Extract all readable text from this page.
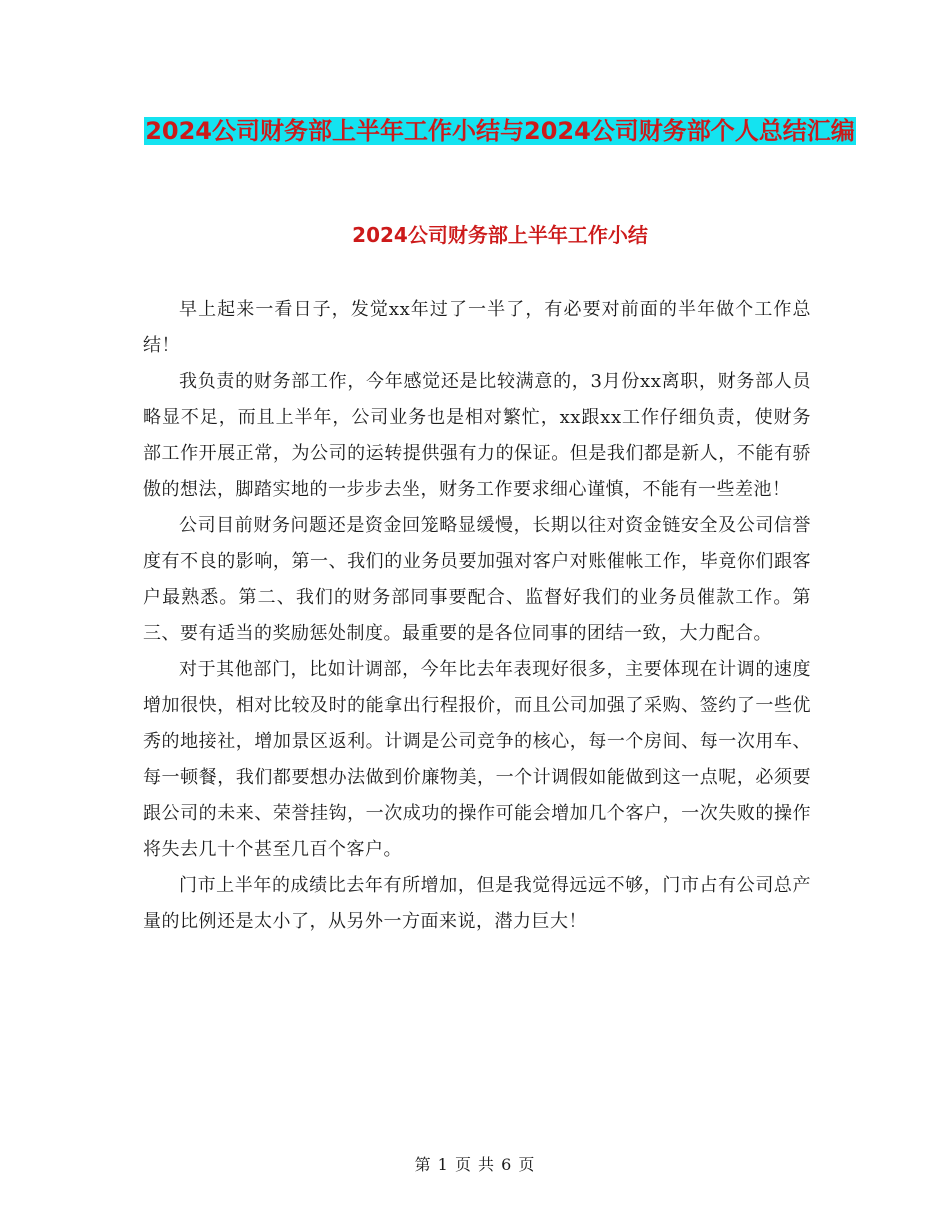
2024公司财务部上半年工作小结与2024公司财务部个人总结汇编
2024公司财务部上半年工作小结

早上起来一看日子，发觉xx年过了一半了，有必要对前面的半年做个工作总结！

我负责的财务部工作，今年感觉还是比较满意的，3月份xx离职，财务部人员略显不足，而且上半年，公司业务也是相对繁忙，xx跟xx工作仔细负责，使财务部工作开展正常，为公司的运转提供强有力的保证。但是我们都是新人，不能有骄傲的想法，脚踏实地的一步步去坐，财务工作要求细心谨慎，不能有一些差池！

公司目前财务问题还是资金回笼略显缓慢，长期以往对资金链安全及公司信誉度有不良的影响，第一、我们的业务员要加强对客户对账催帐工作，毕竟你们跟客户最熟悉。第二、我们的财务部同事要配合、监督好我们的业务员催款工作。第三、要有适当的奖励惩处制度。最重要的是各位同事的团结一致，大力配合。

对于其他部门，比如计调部，今年比去年表现好很多，主要体现在计调的速度增加很快，相对比较及时的能拿出行程报价，而且公司加强了采购、签约了一些优秀的地接社，增加景区返利。计调是公司竞争的核心，每一个房间、每一次用车、每一顿餐，我们都要想办法做到价廉物美，一个计调假如能做到这一点呢，必须要跟公司的未来、荣誉挂钩，一次成功的操作可能会增加几个客户，一次失败的操作将失去几十个甚至几百个客户。

门市上半年的成绩比去年有所增加，但是我觉得远远不够，门市占有公司总产量的比例还是太小了，从另外一方面来说，潜力巨大！

第 1 页 共 6 页
